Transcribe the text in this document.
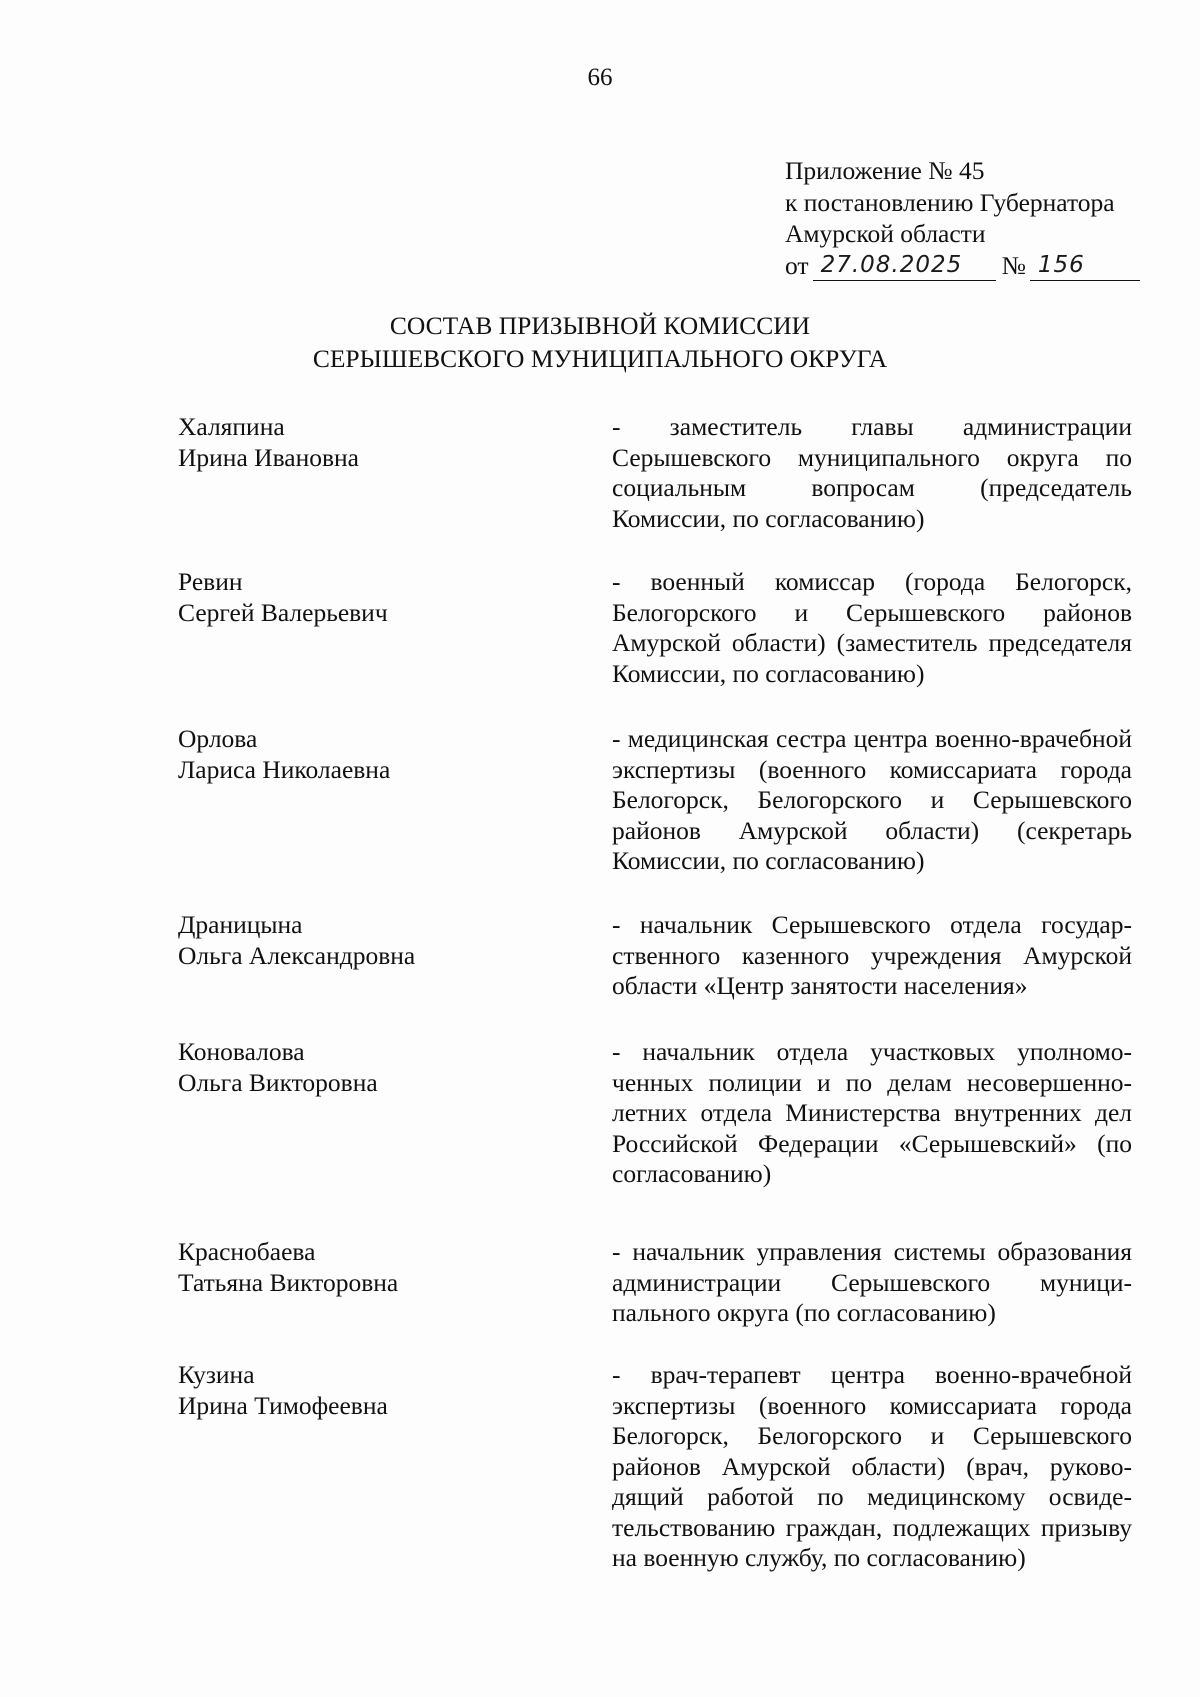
66
Приложение № 45
к постановлению Губернатора
Амурской области
от 27.08.2025	№ 156
СОСТАВ ПРИЗЫВНОЙ КОМИССИИ
СЕРЫШЕВСКОГО МУНИЦИПАЛЬНОГО ОКРУГА
Халяпина
Ирина Ивановна
- заместитель главы администрации Серышевского муниципального округа по социальным вопросам (председатель Комиссии, по согласованию)
Ревин
Сергей Валерьевич
- военный комиссар (города Белогорск, Белогорского и Серышевского районов Амурской области) (заместитель председателя Комиссии, по согласованию)
Орлова
Лариса Николаевна
- медицинская сестра центра военно-врачебной экспертизы (военного комиссариата города Белогорск, Белогорского и Серышевского районов Амурской области) (секретарь Комиссии, по согласованию)
Драницына
Ольга Александровна
- начальник Серышевского отдела государственного казенного учреждения Амурской области «Центр занятости населения»
Коновалова
Ольга Викторовна
- начальник отдела участковых уполномоченных полиции и по делам несовершеннолетних отдела Министерства внутренних дел Российской Федерации «Серышевский» (по согласованию)
Краснобаева
Татьяна Викторовна
- начальник управления системы образования администрации Серышевского муниципального округа (по согласованию)
Кузина
Ирина Тимофеевна
- врач-терапевт центра военно-врачебной экспертизы (военного комиссариата города Белогорск, Белогорского и Серышевского районов Амурской области) (врач, руководящий работой по медицинскому освидетельствованию граждан, подлежащих призыву на военную службу, по согласованию)
